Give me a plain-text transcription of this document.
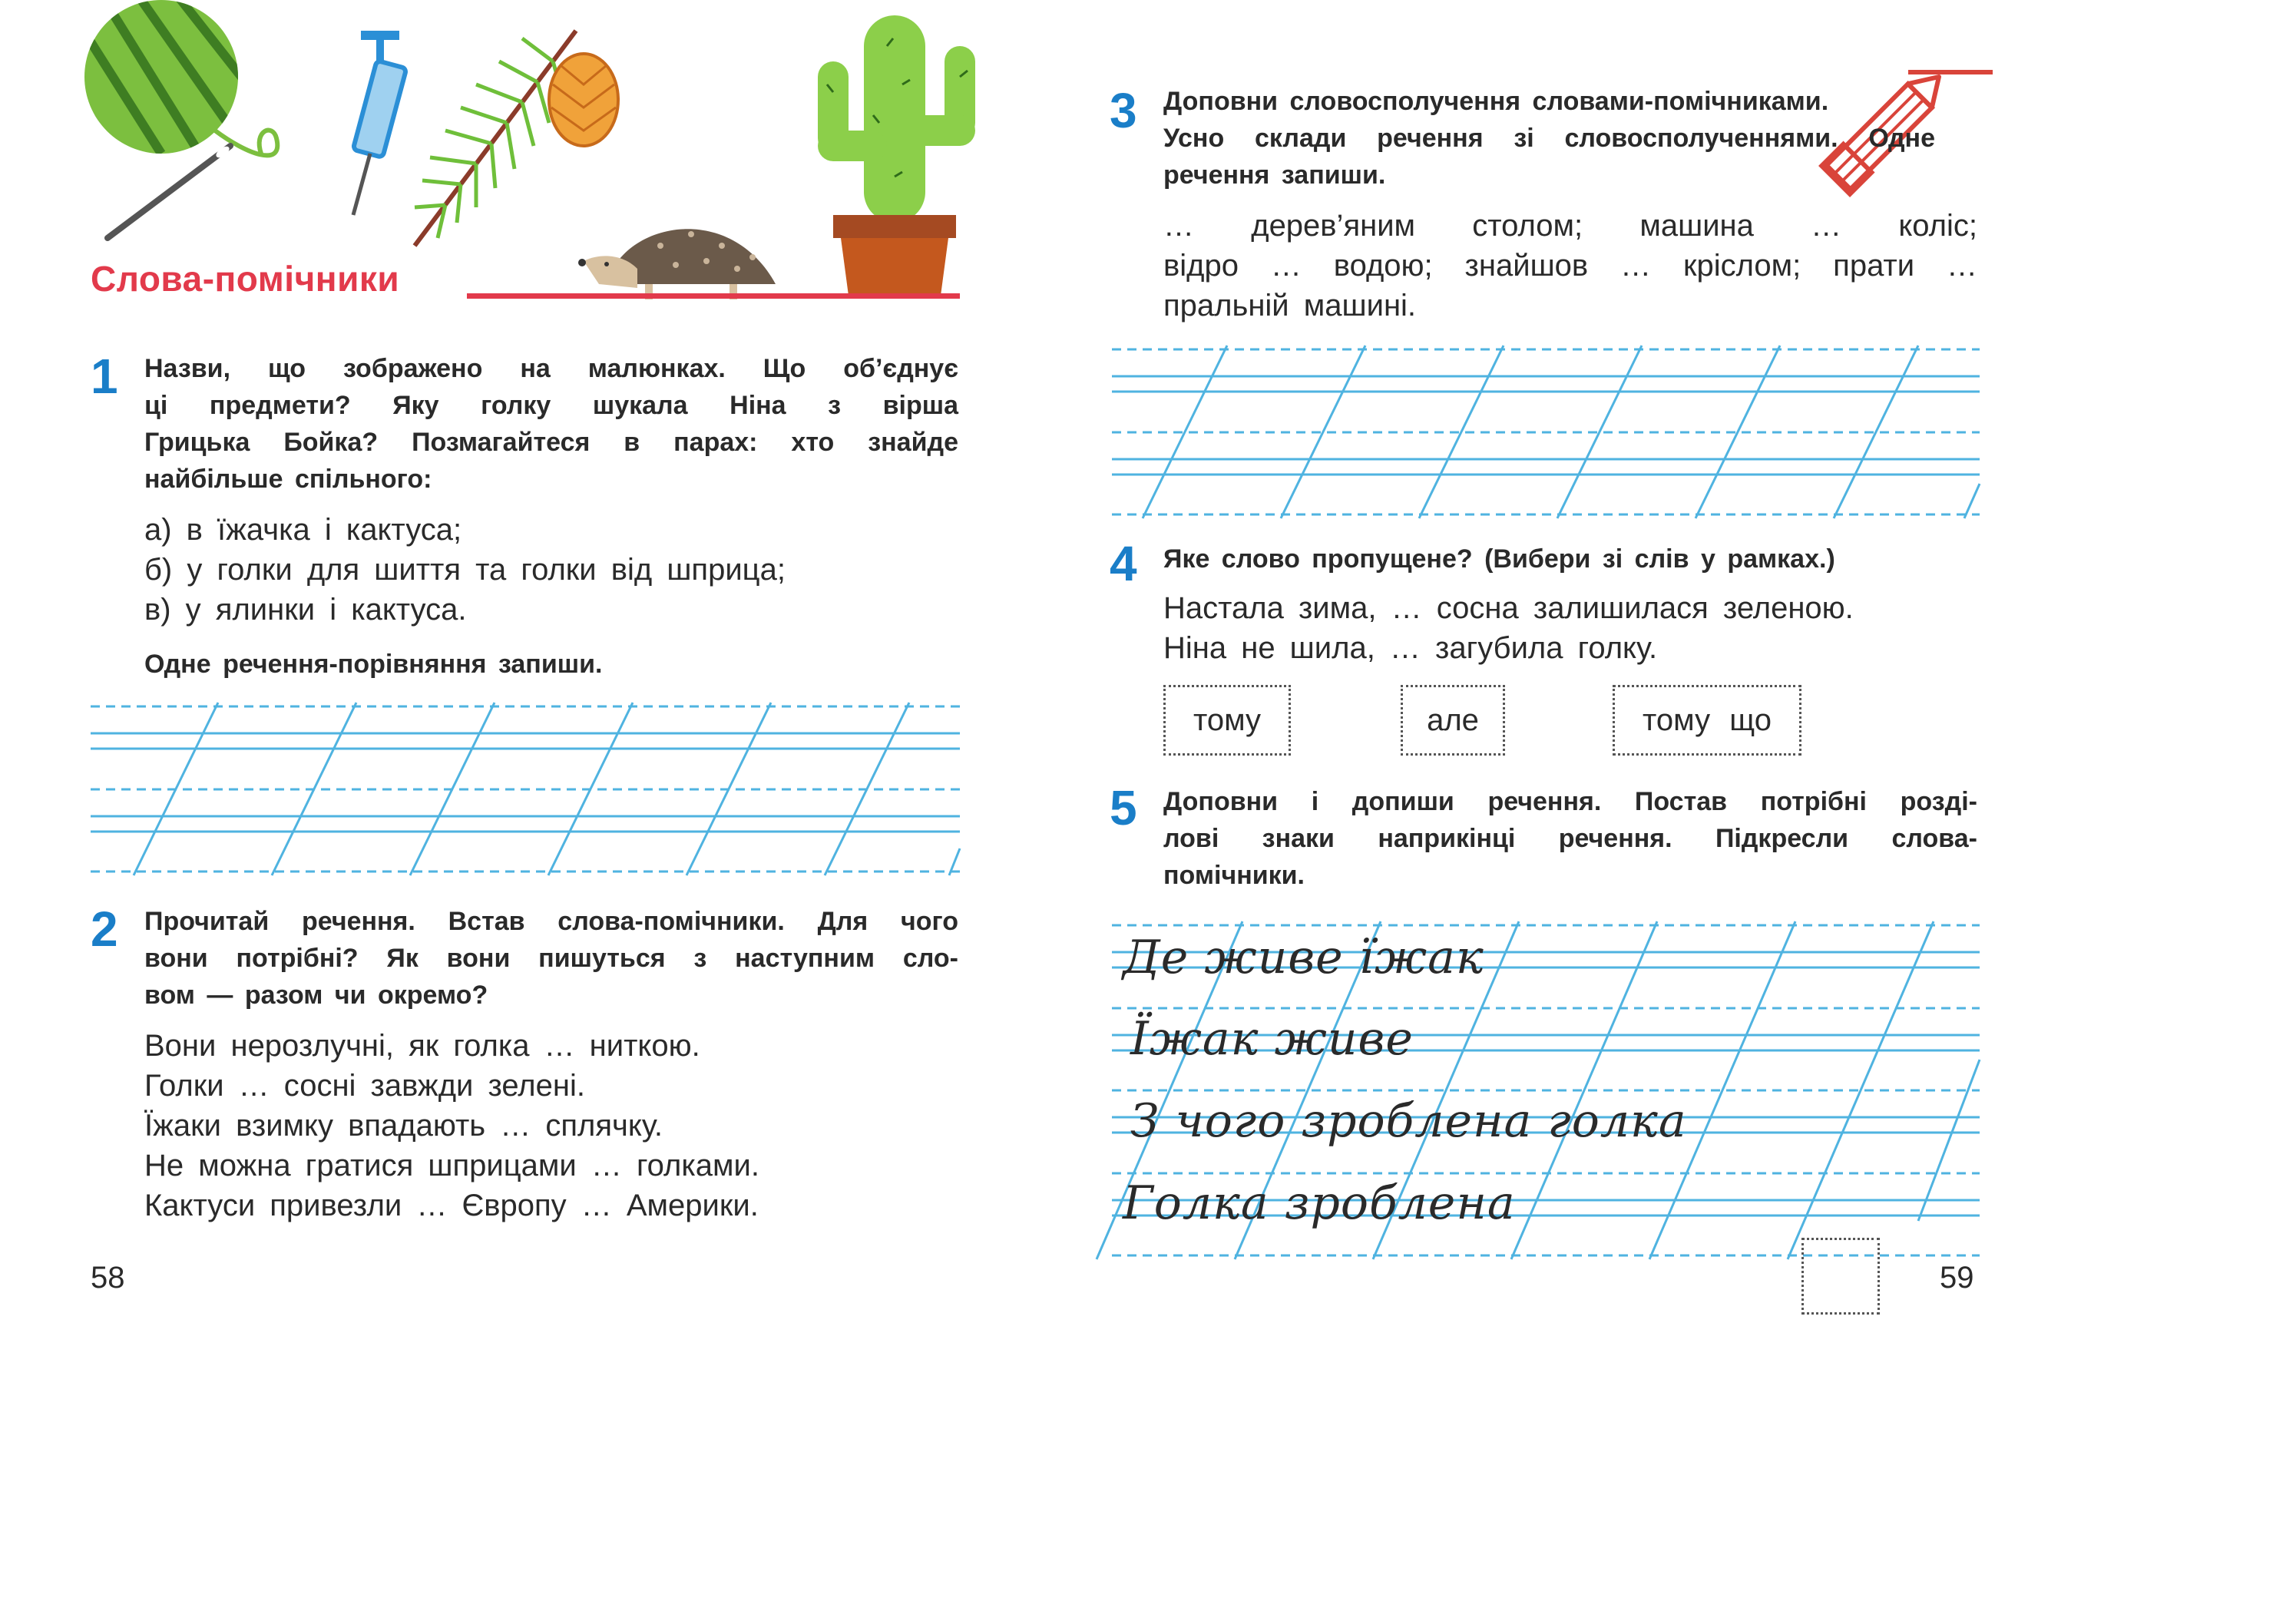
Слова-помічники
1 Назви, що зображено на малюнках. Що об’єднує
ці предмети? Яку голку шукала Ніна з вірша
Грицька Бойка? Позмагайтеся в парах: хто знайде
найбільше спільного:
а) в їжачка і кактуса;
б) у голки для шиття та голки від шприца;
в) у ялинки і кактуса.
Одне речення-порівняння запиши.
2 Прочитай речення. Встав слова-помічники. Для чого
вони потрібні? Як вони пишуться з наступним сло-
вом — разом чи окремо?
Вони нерозлучні, як голка … ниткою.
Голки … сосні завжди зелені.
Їжаки взимку впадають … сплячку.
Не можна гратися шприцами … голками.
Кактуси привезли … Європу … Америки.
58
3 Доповни словосполучення словами-помічниками.
Усно склади речення зі словосполученнями. Одне
речення запиши.
… дерев’яним столом; машина … коліс;
відро … водою; знайшов … кріслом; прати …
пральній машині.
4 Яке слово пропущене? (Вибери зі слів у рамках.)
Настала зима, … сосна залишилася зеленою.
Ніна не шила, … загубила голку.
тому	але	тому що
5 Доповни і допиши речення. Постав потрібні розді-
лові знаки наприкінці речення. Підкресли слова-
помічники.
Де живе їжак
Їжак живе
З чого зроблена голка
Голка зроблена
59
